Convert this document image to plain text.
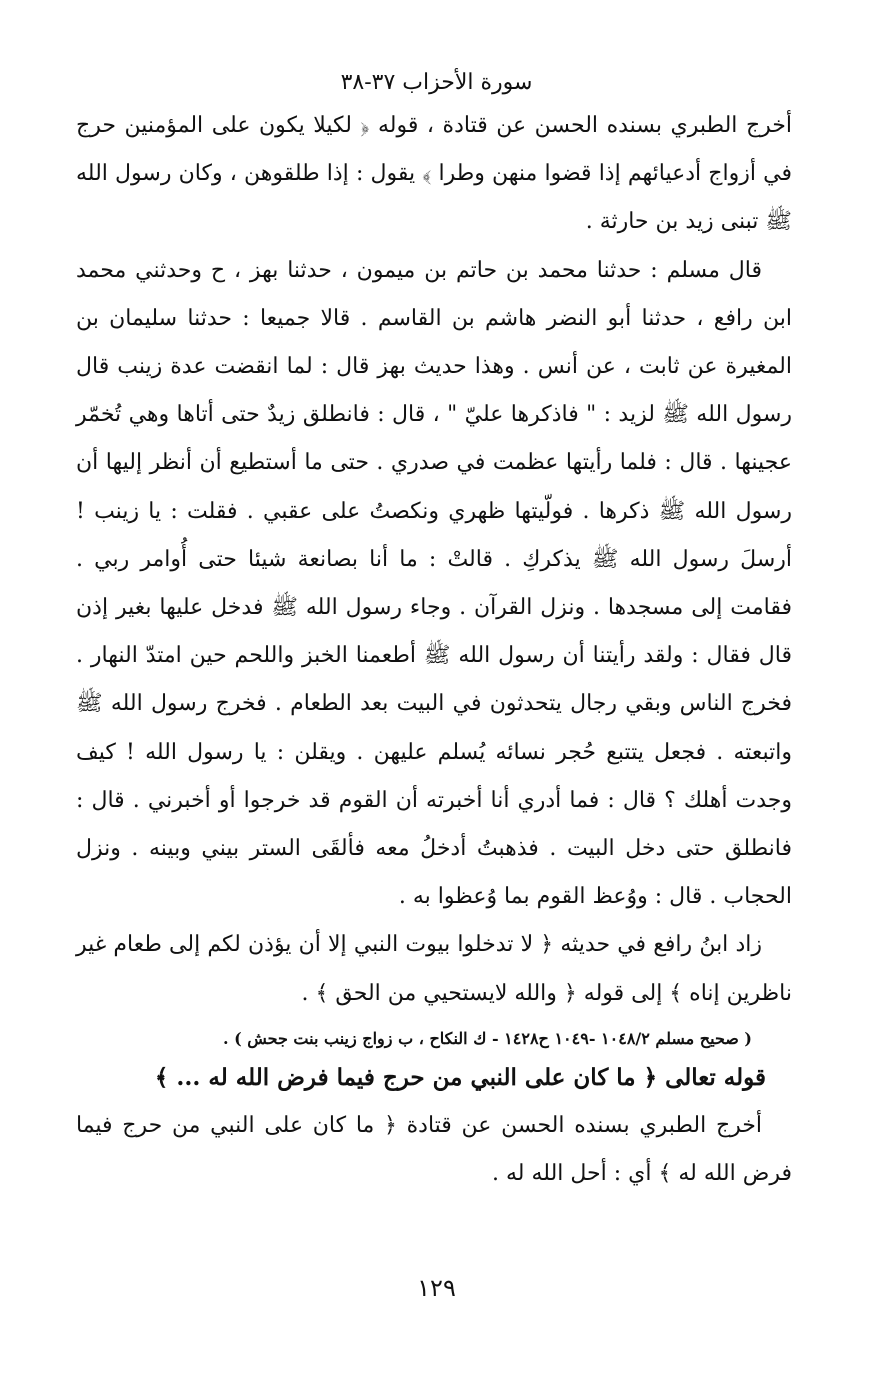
سورة الأحزاب ٣٧-٣٨

أخرج الطبري بسنده الحسن عن قتادة ، قوله ﴿ لكيلا يكون على المؤمنين حرج في أزواج أدعيائهم إذا قضوا منهن وطرا ﴾ يقول : إذا طلقوهن ، وكان رسول الله ﷺ تبنى زيد بن حارثة .

قال مسلم : حدثنا محمد بن حاتم بن ميمون ، حدثنا بهز ، ح وحدثني محمد ابن رافع ، حدثنا أبو النضر هاشم بن القاسم . قالا جميعا : حدثنا سليمان بن المغيرة عن ثابت ، عن أنس . وهذا حديث بهز قال : لما انقضت عدة زينب قال رسول الله ﷺ لزيد : " فاذكرها عليّ " ، قال : فانطلق زيدٌ حتى أتاها وهي تُخمّر عجينها . قال : فلما رأيتها عظمت في صدري . حتى ما أستطيع أن أنظر إليها أن رسول الله ﷺ ذكرها . فولّيتها ظهري ونكصتُ على عقبي . فقلت : يا زينب ! أرسلَ رسول الله ﷺ يذكركِ . قالتْ : ما أنا بصانعة شيئا حتى أُوامر ربي . فقامت إلى مسجدها . ونزل القرآن . وجاء رسول الله ﷺ فدخل عليها بغير إذن قال فقال : ولقد رأيتنا أن رسول الله ﷺ أطعمنا الخبز واللحم حين امتدّ النهار . فخرج الناس وبقي رجال يتحدثون في البيت بعد الطعام . فخرج رسول الله ﷺ واتبعته . فجعل يتتبع حُجر نسائه يُسلم عليهن . ويقلن : يا رسول الله ! كيف وجدت أهلك ؟ قال : فما أدري أنا أخبرته أن القوم قد خرجوا أو أخبرني . قال : فانطلق حتى دخل البيت . فذهبتُ أدخلُ معه فألقَى الستر بيني وبينه . ونزل الحجاب . قال : ووُعظ القوم بما وُعظوا به .

زاد ابنُ رافع في حديثه ﴿ لا تدخلوا بيوت النبي إلا أن يؤذن لكم إلى طعام غير ناظرين إناه ﴾ إلى قوله ﴿ والله لايستحيي من الحق ﴾ .

( صحيح مسلم ١٠٤٨/٢ -١٠٤٩ ح١٤٢٨ - ك النكاح ، ب زواج زينب بنت جحش ) .

قوله تعالى ﴿ ما كان على النبي من حرج فيما فرض الله له ... ﴾

أخرج الطبري بسنده الحسن عن قتادة ﴿ ما كان على النبي من حرج فيما فرض الله له ﴾ أي : أحل الله له .

١٢٩
